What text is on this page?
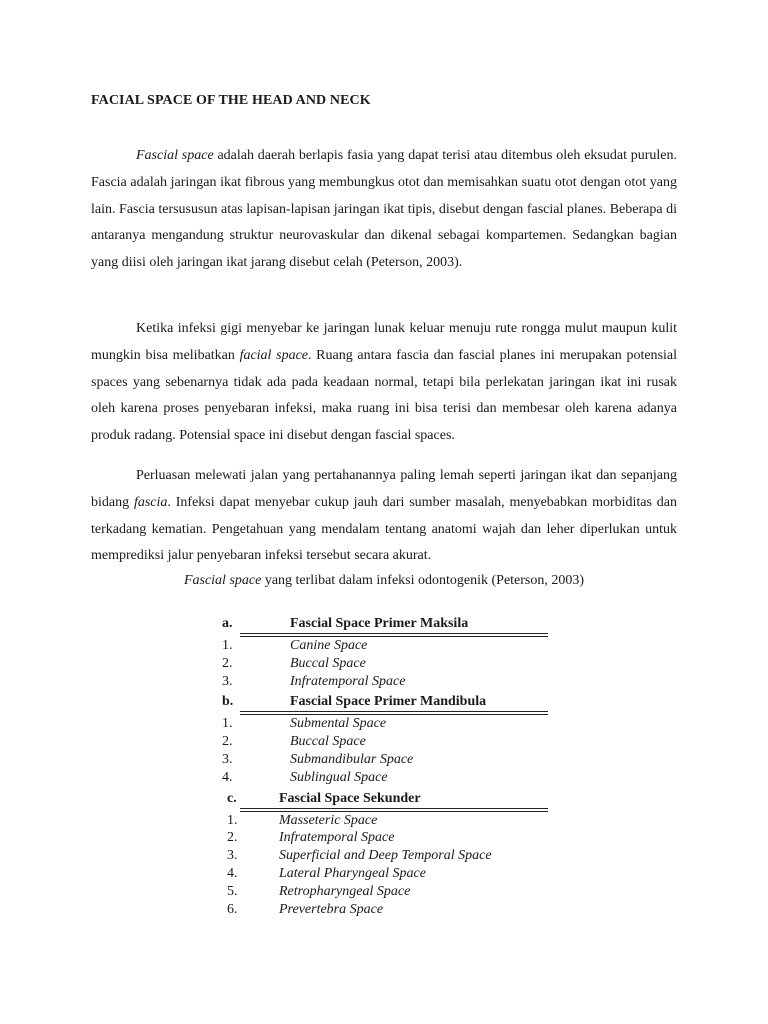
FACIAL SPACE OF THE HEAD AND NECK

Fascial space adalah daerah berlapis fasia yang dapat terisi atau ditembus oleh eksudat purulen. Fascia adalah jaringan ikat fibrous yang membungkus otot dan memisahkan suatu otot dengan otot yang lain. Fascia tersususun atas lapisan-lapisan jaringan ikat tipis, disebut dengan fascial planes. Beberapa di antaranya mengandung struktur neurovaskular dan dikenal sebagai kompartemen. Sedangkan bagian yang diisi oleh jaringan ikat jarang disebut celah (Peterson, 2003).

Ketika infeksi gigi menyebar ke jaringan lunak keluar menuju rute rongga mulut maupun kulit mungkin bisa melibatkan facial space. Ruang antara fascia dan fascial planes ini merupakan potensial spaces yang sebenarnya tidak ada pada keadaan normal, tetapi bila perlekatan jaringan ikat ini rusak oleh karena proses penyebaran infeksi, maka ruang ini bisa terisi dan membesar oleh karena adanya produk radang. Potensial space ini disebut dengan fascial spaces.

Perluasan melewati jalan yang pertahanannya paling lemah seperti jaringan ikat dan sepanjang bidang fascia. Infeksi dapat menyebar cukup jauh dari sumber masalah, menyebabkan morbiditas dan terkadang kematian. Pengetahuan yang mendalam tentang anatomi wajah dan leher diperlukan untuk memprediksi jalur penyebaran infeksi tersebut secara akurat.

Fascial space yang terlibat dalam infeksi odontogenik (Peterson, 2003)
a.	Fascial Space Primer Maksila
1.	Canine Space
2.	Buccal Space
3.	Infratemporal Space
b.	Fascial Space Primer Mandibula
1.	Submental Space
2.	Buccal Space
3.	Submandibular Space
4.	Sublingual Space
c.	Fascial Space Sekunder
1.	Masseteric Space
2.	Infratemporal Space
3.	Superficial and Deep Temporal Space
4.	Lateral Pharyngeal Space
5.	Retropharyngeal Space
6.	Prevertebra Space
